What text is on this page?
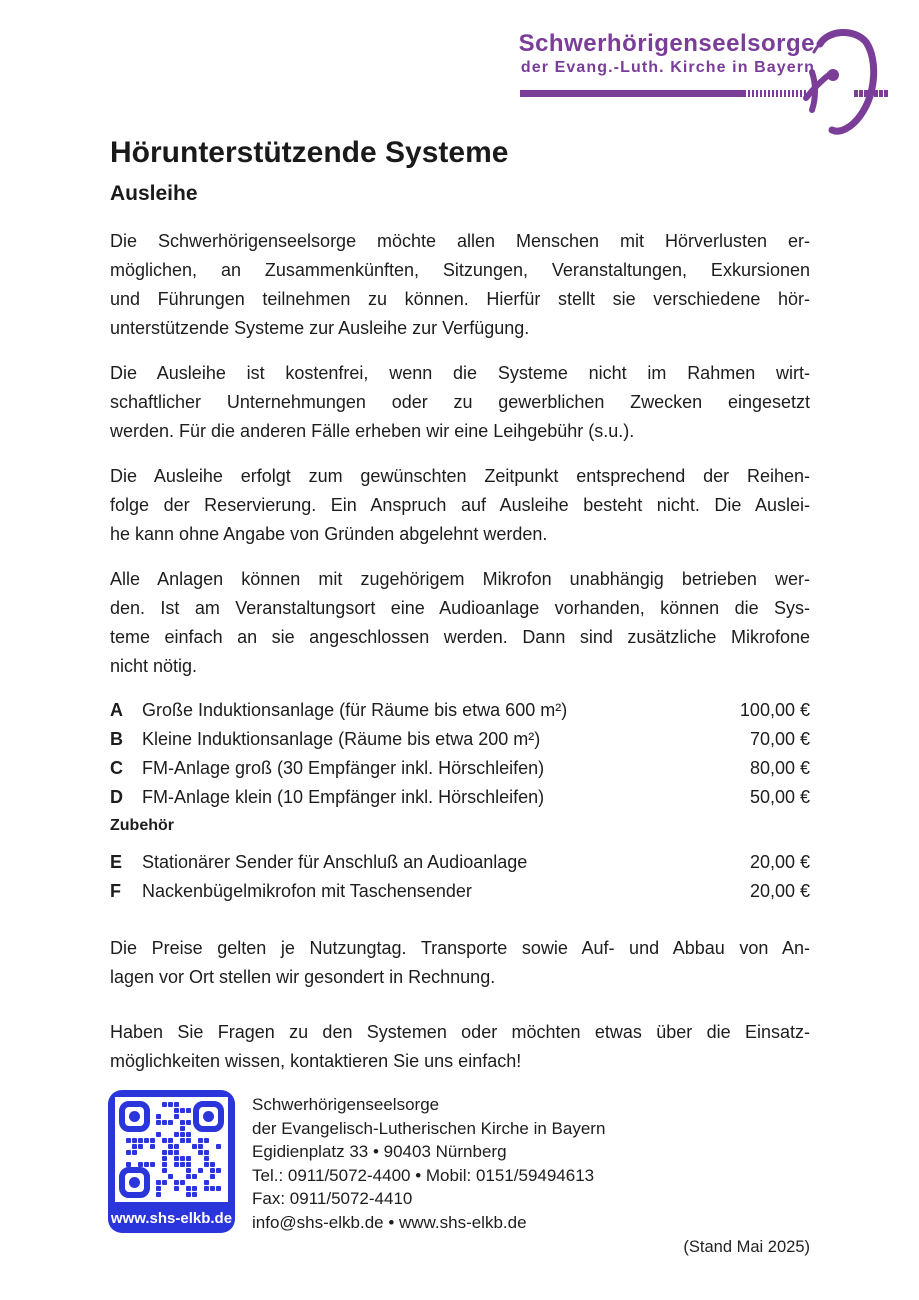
Schwerhörigenseelsorge
der Evang.-Luth. Kirche in Bayern
Hörunterstützende Systeme
Ausleihe
Die Schwerhörigenseelsorge möchte allen Menschen mit Hörverlusten er-
möglichen, an Zusammenkünften, Sitzungen, Veranstaltungen, Exkursionen
und Führungen teilnehmen zu können. Hierfür stellt sie verschiedene hör-
unterstützende Systeme zur Ausleihe zur Verfügung.
Die Ausleihe ist kostenfrei, wenn die Systeme nicht im Rahmen wirt-
schaftlicher Unternehmungen oder zu gewerblichen Zwecken eingesetzt
werden. Für die anderen Fälle erheben wir eine Leihgebühr (s.u.).
Die Ausleihe erfolgt zum gewünschten Zeitpunkt entsprechend der Reihen-
folge der Reservierung. Ein Anspruch auf Ausleihe besteht nicht. Die Auslei-
he kann ohne Angabe von Gründen abgelehnt werden.
Alle Anlagen können mit zugehörigem Mikrofon unabhängig betrieben wer-
den. Ist am Veranstaltungsort eine Audioanlage vorhanden, können die Sys-
teme einfach an sie angeschlossen werden. Dann sind zusätzliche Mikrofone
nicht nötig.
A	Große Induktionsanlage (für Räume bis etwa 600 m²)	100,00 €
B	Kleine Induktionsanlage (Räume bis etwa 200 m²)	70,00 €
C	FM-Anlage groß (30 Empfänger inkl. Hörschleifen)	80,00 €
D	FM-Anlage klein (10 Empfänger inkl. Hörschleifen)	50,00 €
Zubehör
E	Stationärer Sender für Anschluß an Audioanlage	20,00 €
F	Nackenbügelmikrofon mit Taschensender	20,00 €
Die Preise gelten je Nutzungtag. Transporte sowie Auf- und Abbau von An-
lagen vor Ort stellen wir gesondert in Rechnung.
Haben Sie Fragen zu den Systemen oder möchten etwas über die Einsatz-
möglichkeiten wissen, kontaktieren Sie uns einfach!
www.shs-elkb.de
Schwerhörigenseelsorge
der Evangelisch-Lutherischen Kirche in Bayern
Egidienplatz 33 • 90403 Nürnberg
Tel.: 0911/5072-4400 • Mobil: 0151/59494613
Fax: 0911/5072-4410
info@shs-elkb.de • www.shs-elkb.de
(Stand Mai 2025)
